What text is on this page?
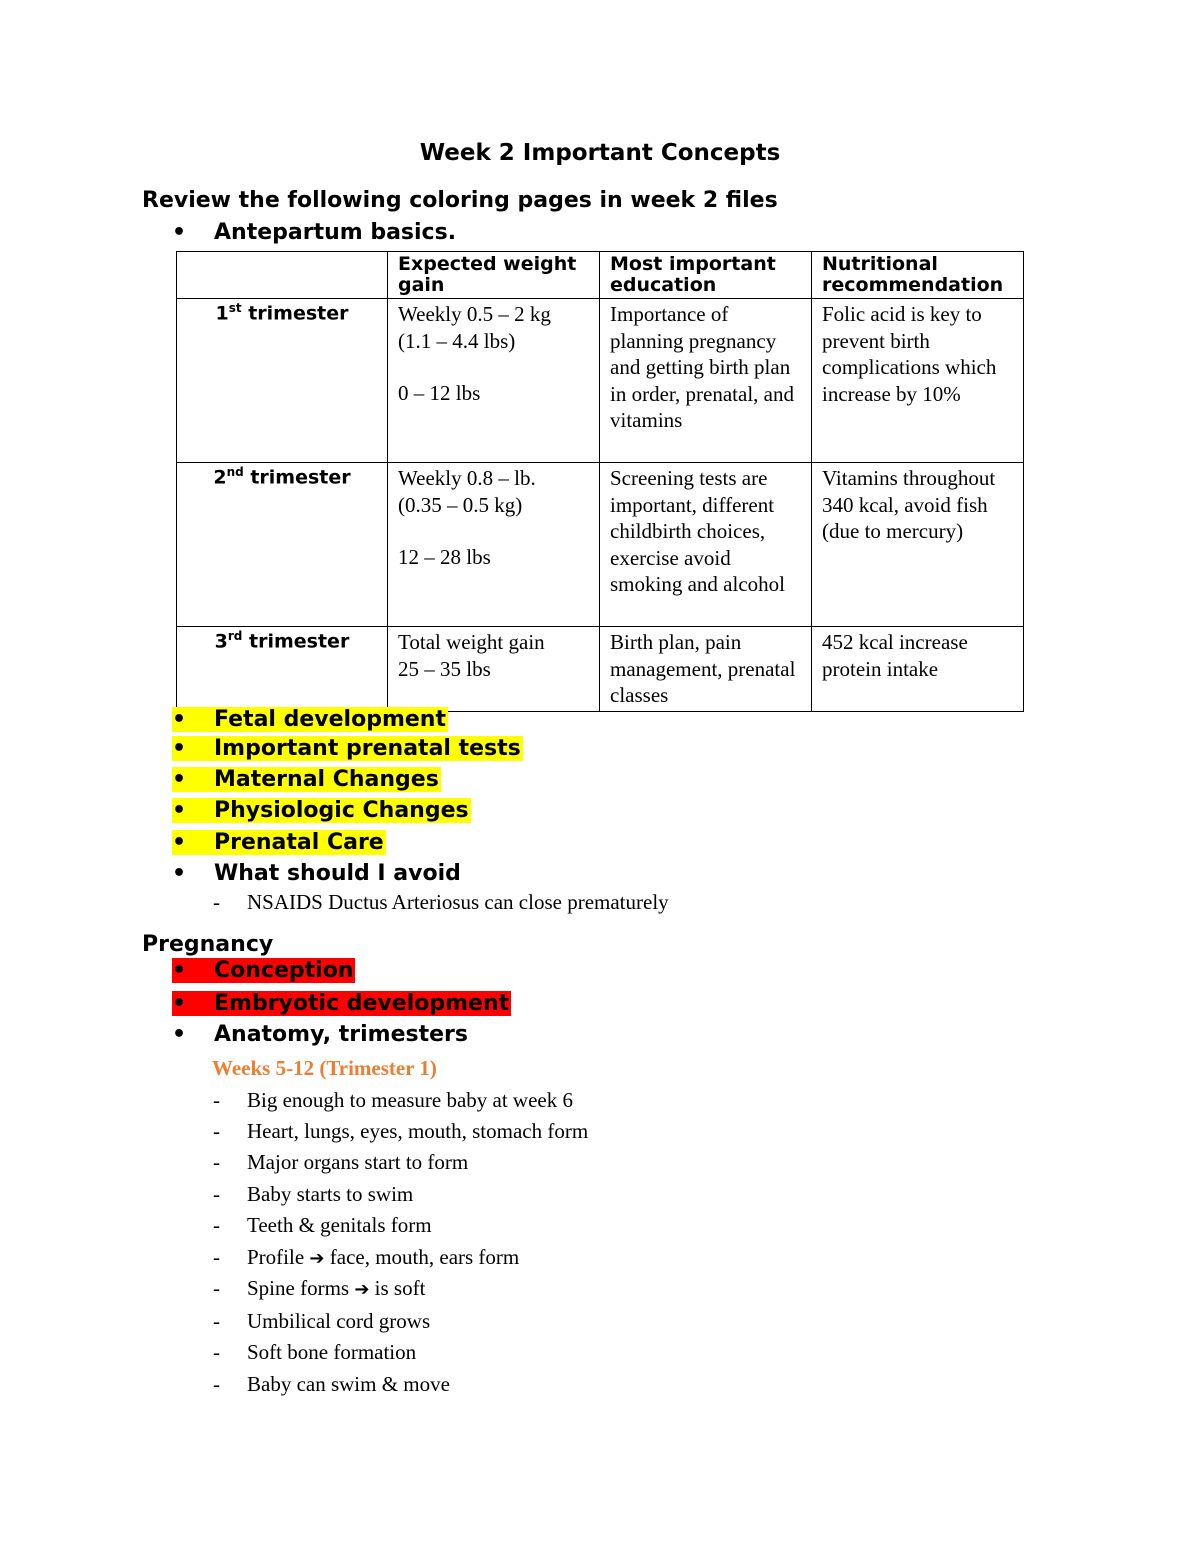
Week 2 Important Concepts
Review the following coloring pages in week 2 files
• Antepartum basics.
	Expected weight gain	Most important education	Nutritional recommendation
1st trimester	Weekly 0.5 – 2 kg
(1.1 – 4.4 lbs)
0 – 12 lbs	Importance of planning pregnancy and getting birth plan in order, prenatal, and vitamins	Folic acid is key to prevent birth complications which increase by 10%
2nd trimester	Weekly 0.8 – lb.
(0.35 – 0.5 kg)
12 – 28 lbs	Screening tests are important, different childbirth choices, exercise avoid smoking and alcohol	Vitamins throughout 340 kcal, avoid fish (due to mercury)
3rd trimester	Total weight gain
25 – 35 lbs	Birth plan, pain management, prenatal classes	452 kcal increase protein intake
• Fetal development
• Important prenatal tests
• Maternal Changes
• Physiologic Changes
• Prenatal Care
• What should I avoid
- NSAIDS Ductus Arteriosus can close prematurely
Pregnancy
• Conception
• Embryotic development
• Anatomy, trimesters
Weeks 5-12 (Trimester 1)
- Big enough to measure baby at week 6
- Heart, lungs, eyes, mouth, stomach form
- Major organs start to form
- Baby starts to swim
- Teeth & genitals form
- Profile ➔ face, mouth, ears form
- Spine forms ➔ is soft
- Umbilical cord grows
- Soft bone formation
- Baby can swim & move
